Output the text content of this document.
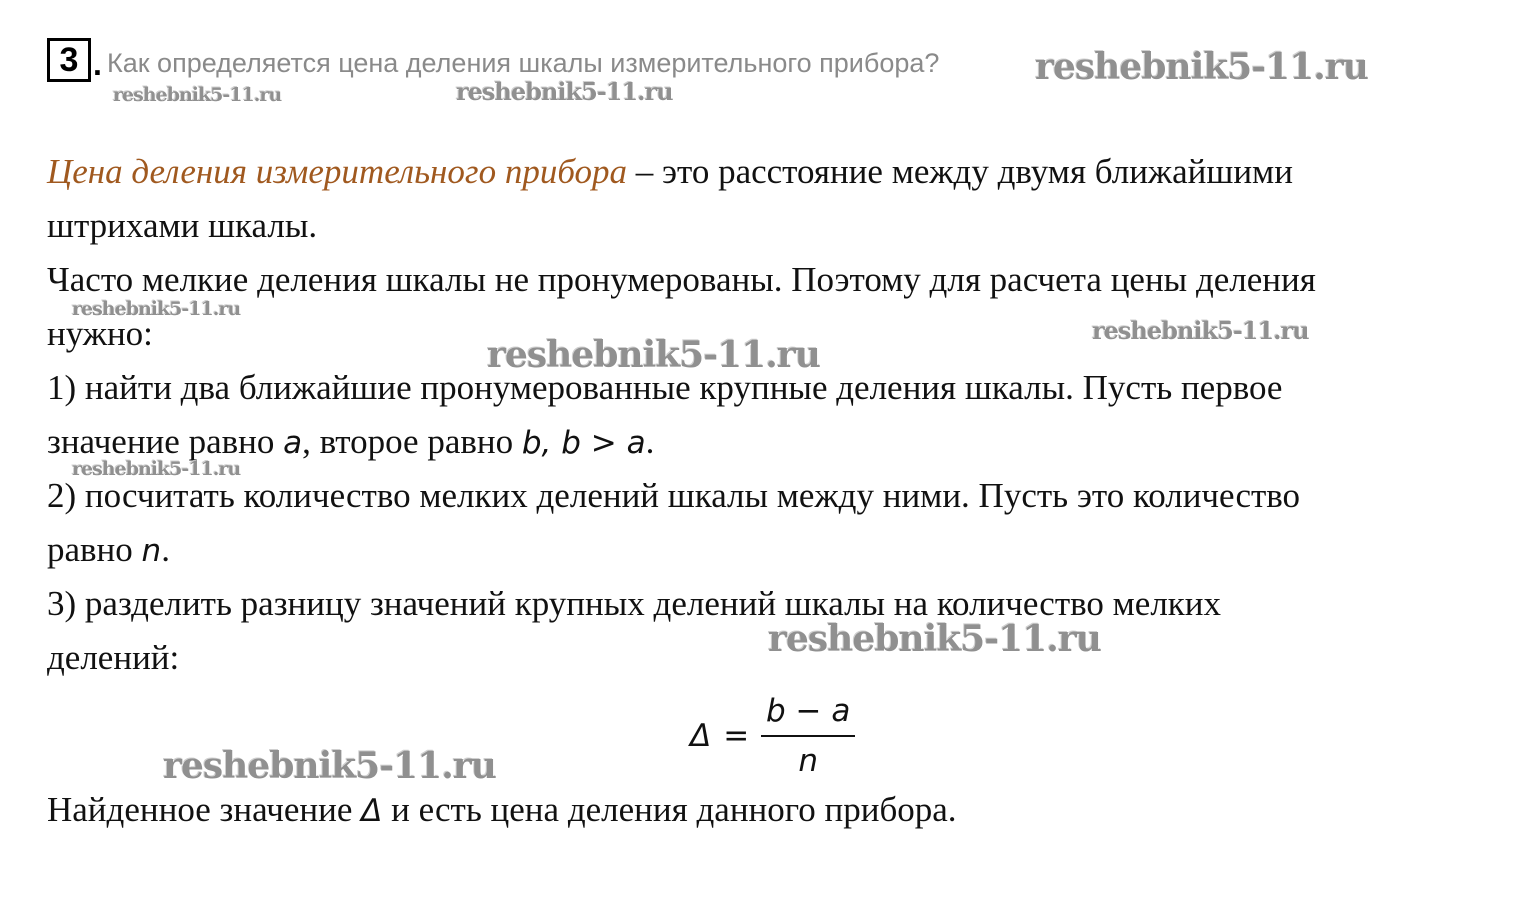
3 . Как определяется цена деления шкалы измерительного прибора?
Цена деления измерительного прибора – это расстояние между двумя ближайшими
штрихами шкалы.
Часто мелкие деления шкалы не пронумерованы. Поэтому для расчета цены деления
нужно:
1) найти два ближайшие пронумерованные крупные деления шкалы. Пусть первое
значение равно a, второе равно b, b > a.
2) посчитать количество мелких делений шкалы между ними. Пусть это количество
равно n.
3) разделить разницу значений крупных делений шкалы на количество мелких
делений:
$\Delta = \frac{b - a}{n}$
Найденное значение Δ и есть цена деления данного прибора.
reshebnik5-11.ru
reshebnik5-11.ru	reshebnik5-11.ru
reshebnik5-11.ru
reshebnik5-11.ru
reshebnik5-11.ru
reshebnik5-11.ru
reshebnik5-11.ru
reshebnik5-11.ru
